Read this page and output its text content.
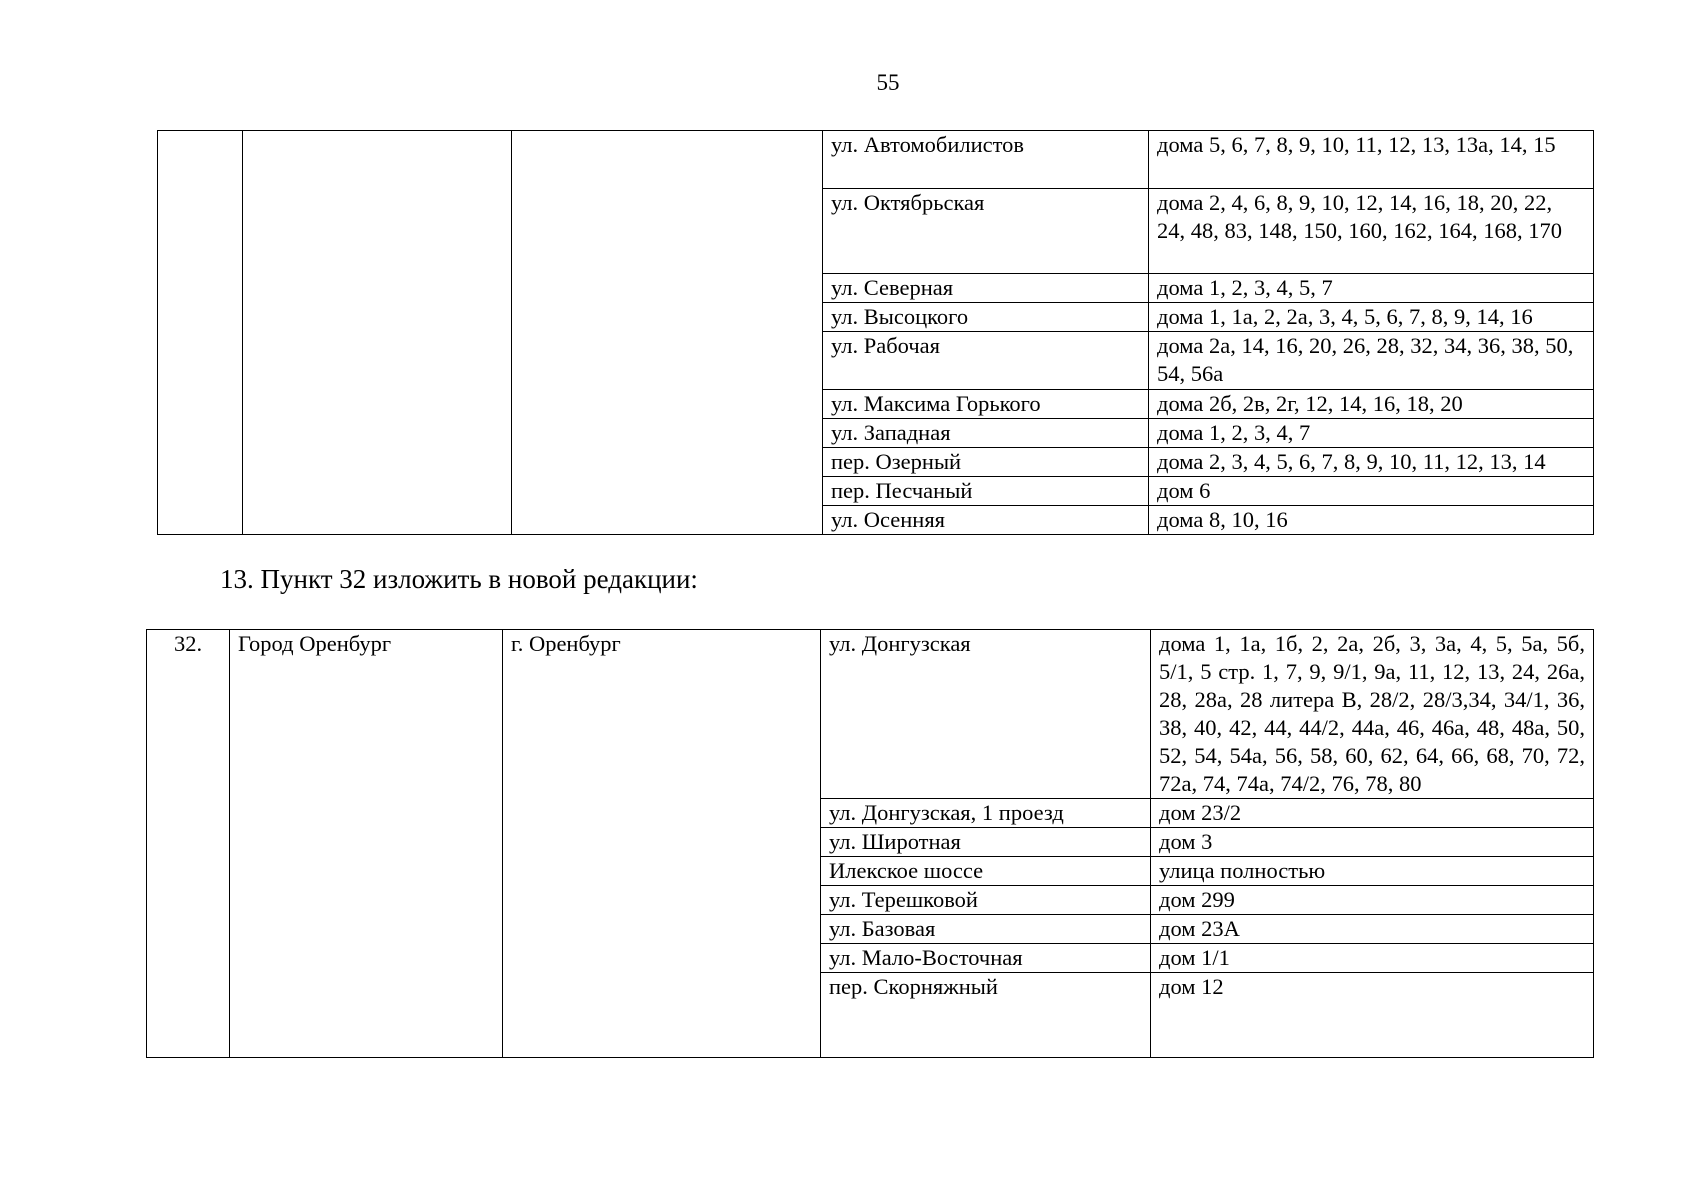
55
			ул. Автомобилистов	дома 5, 6, 7, 8, 9, 10, 11, 12, 13, 13а, 14, 15
			ул. Октябрьская	дома 2, 4, 6, 8, 9, 10, 12, 14, 16, 18, 20, 22, 24, 48, 83, 148, 150, 160, 162, 164, 168, 170
			ул. Северная	дома 1, 2, 3, 4, 5, 7
			ул. Высоцкого	дома 1, 1а, 2, 2а, 3, 4, 5, 6, 7, 8, 9, 14, 16
			ул. Рабочая	дома 2а, 14, 16, 20, 26, 28, 32, 34, 36, 38, 50, 54, 56а
			ул. Максима Горького	дома 2б, 2в, 2г, 12, 14, 16, 18, 20
			ул. Западная	дома 1, 2, 3, 4, 7
			пер. Озерный	дома 2, 3, 4, 5, 6, 7, 8, 9, 10, 11, 12, 13, 14
			пер. Песчаный	дом 6
			ул. Осенняя	дома 8, 10, 16
13. Пункт 32 изложить в новой редакции:
32.	Город Оренбург	г. Оренбург	ул. Донгузская	дома 1, 1а, 1б, 2, 2а, 2б, 3, 3а, 4, 5, 5а, 5б, 5/1, 5 стр. 1, 7, 9, 9/1, 9а, 11, 12, 13, 24, 26а, 28, 28а, 28 литера В, 28/2, 28/3,34, 34/1, 36, 38, 40, 42, 44, 44/2, 44а, 46, 46а, 48, 48а, 50, 52, 54, 54а, 56, 58, 60, 62, 64, 66, 68, 70, 72, 72а, 74, 74а, 74/2, 76, 78, 80
			ул. Донгузская, 1 проезд	дом 23/2
			ул. Широтная	дом 3
			Илекское шоссе	улица полностью
			ул. Терешковой	дом 299
			ул. Базовая	дом 23А
			ул. Мало-Восточная	дом 1/1
			пер. Скорняжный	дом 12
